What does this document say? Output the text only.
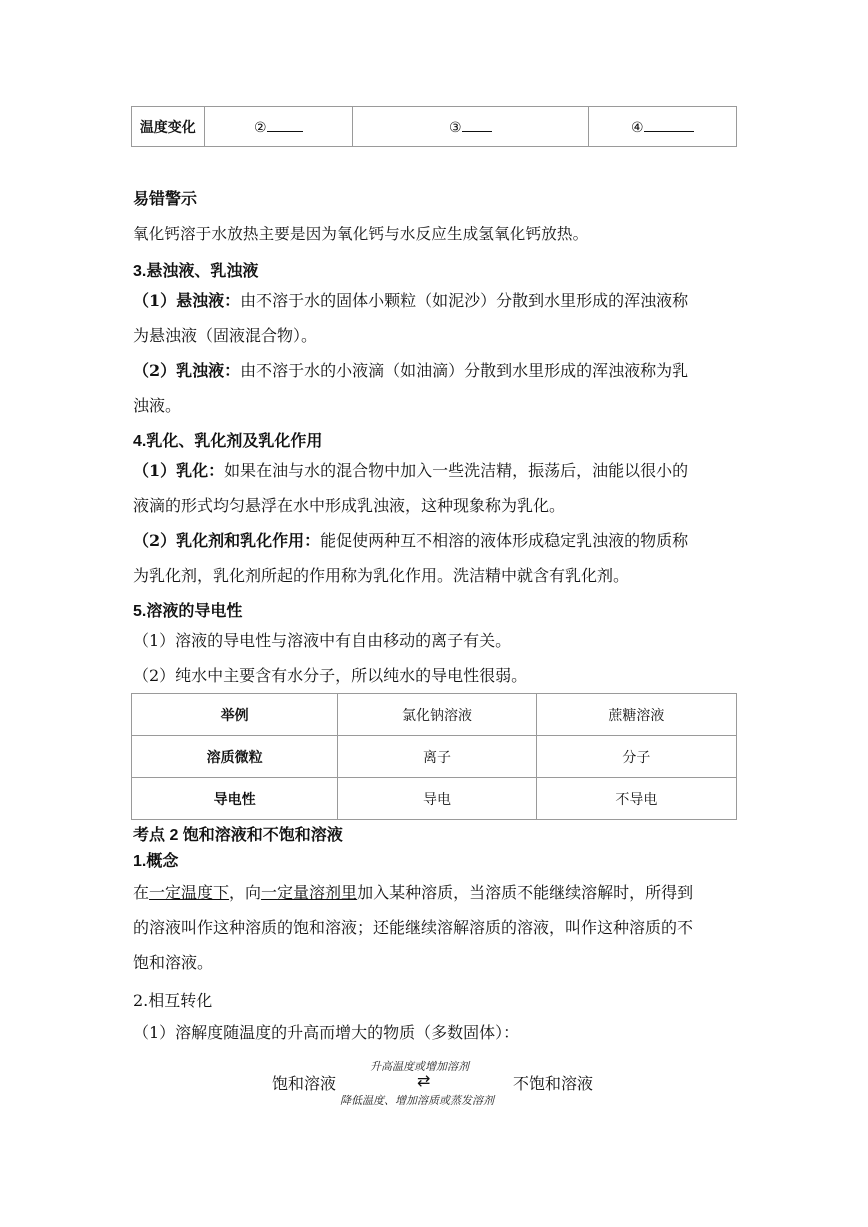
温度变化	②	③	④
易错警示
氧化钙溶于水放热主要是因为氧化钙与水反应生成氢氧化钙放热。
3.悬浊液、乳浊液
（1）悬浊液：由不溶于水的固体小颗粒（如泥沙）分散到水里形成的浑浊液称
为悬浊液（固液混合物）。
（2）乳浊液：由不溶于水的小液滴（如油滴）分散到水里形成的浑浊液称为乳
浊液。
4.乳化、乳化剂及乳化作用
（1）乳化：如果在油与水的混合物中加入一些洗洁精，振荡后，油能以很小的
液滴的形式均匀悬浮在水中形成乳浊液，这种现象称为乳化。
（2）乳化剂和乳化作用：能促使两种互不相溶的液体形成稳定乳浊液的物质称
为乳化剂，乳化剂所起的作用称为乳化作用。洗洁精中就含有乳化剂。
5.溶液的导电性
（1）溶液的导电性与溶液中有自由移动的离子有关。
（2）纯水中主要含有水分子，所以纯水的导电性很弱。
举例	氯化钠溶液	蔗糖溶液
溶质微粒	离子	分子
导电性	导电	不导电
考点 2 饱和溶液和不饱和溶液
1.概念
在一定温度下，向一定量溶剂里加入某种溶质，当溶质不能继续溶解时，所得到
的溶液叫作这种溶质的饱和溶液；还能继续溶解溶质的溶液，叫作这种溶质的不
饱和溶液。
2.相互转化
（1）溶解度随温度的升高而增大的物质（多数固体）：
升高温度或增加溶剂
饱和溶液	⇄	不饱和溶液
降低温度、增加溶质或蒸发溶剂
